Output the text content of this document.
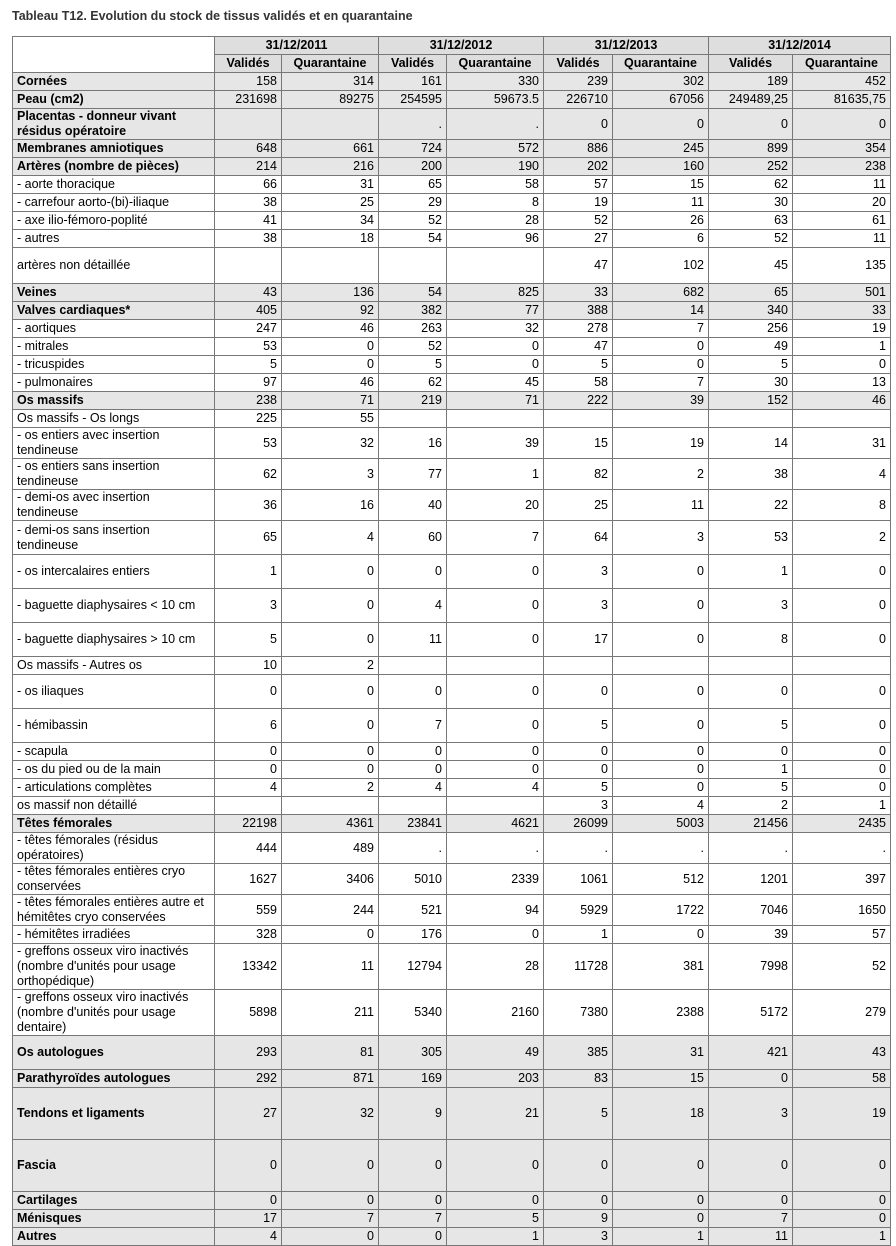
Tableau T12. Evolution du stock de tissus validés et en quarantaine
	31/12/2011		31/12/2012		31/12/2013		31/12/2014	
	Validés	Quarantaine	Validés	Quarantaine	Validés	Quarantaine	Validés	Quarantaine
Cornées	158	314	161	330	239	302	189	452
Peau (cm2)	231698	89275	254595	59673.5	226710	67056	249489,25	81635,75
Placentas - donneur vivant résidus opératoire			.	.	0	0	0	0
Membranes amniotiques	648	661	724	572	886	245	899	354
Artères (nombre de pièces)	214	216	200	190	202	160	252	238
- aorte thoracique	66	31	65	58	57	15	62	11
- carrefour aorto-(bi)-iliaque	38	25	29	8	19	11	30	20
- axe ilio-fémoro-poplité	41	34	52	28	52	26	63	61
- autres	38	18	54	96	27	6	52	11
artères non détaillée					47	102	45	135
Veines	43	136	54	825	33	682	65	501
Valves cardiaques*	405	92	382	77	388	14	340	33
- aortiques	247	46	263	32	278	7	256	19
- mitrales	53	0	52	0	47	0	49	1
- tricuspides	5	0	5	0	5	0	5	0
- pulmonaires	97	46	62	45	58	7	30	13
Os massifs	238	71	219	71	222	39	152	46
Os massifs - Os longs	225	55						
- os entiers avec insertion tendineuse	53	32	16	39	15	19	14	31
- os entiers sans insertion tendineuse	62	3	77	1	82	2	38	4
- demi-os avec insertion tendineuse	36	16	40	20	25	11	22	8
- demi-os sans insertion tendineuse	65	4	60	7	64	3	53	2
- os intercalaires entiers	1	0	0	0	3	0	1	0
- baguette diaphysaires < 10 cm	3	0	4	0	3	0	3	0
- baguette diaphysaires > 10 cm	5	0	11	0	17	0	8	0
Os massifs - Autres os	10	2						
- os iliaques	0	0	0	0	0	0	0	0
- hémibassin	6	0	7	0	5	0	5	0
- scapula	0	0	0	0	0	0	0	0
- os du pied ou de la main	0	0	0	0	0	0	1	0
- articulations complètes	4	2	4	4	5	0	5	0
os massif non détaillé					3	4	2	1
Têtes fémorales	22198	4361	23841	4621	26099	5003	21456	2435
- têtes fémorales (résidus opératoires)	444	489	.	.	.	.	.	.
- têtes fémorales entières cryo conservées	1627	3406	5010	2339	1061	512	1201	397
- têtes fémorales entières autre et hémitêtes cryo conservées	559	244	521	94	5929	1722	7046	1650
- hémitêtes irradiées	328	0	176	0	1	0	39	57
- greffons osseux viro inactivés (nombre d'unités pour usage orthopédique)	13342	11	12794	28	11728	381	7998	52
- greffons osseux viro inactivés (nombre d'unités pour usage dentaire)	5898	211	5340	2160	7380	2388	5172	279
Os autologues	293	81	305	49	385	31	421	43
Parathyroïdes autologues	292	871	169	203	83	15	0	58
Tendons et ligaments	27	32	9	21	5	18	3	19
Fascia	0	0	0	0	0	0	0	0
Cartilages	0	0	0	0	0	0	0	0
Ménisques	17	7	7	5	9	0	7	0
Autres	4	0	0	1	3	1	11	1
